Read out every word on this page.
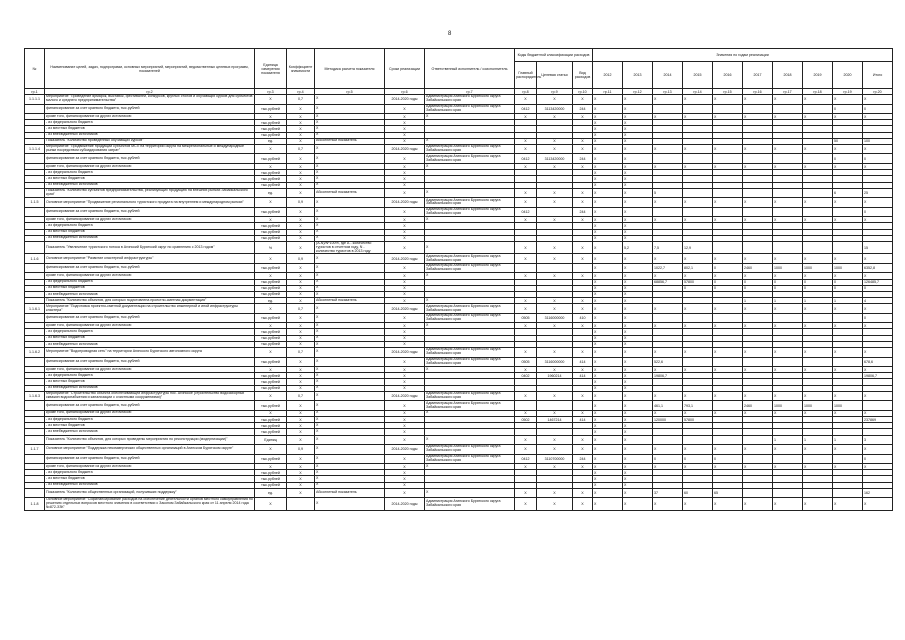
8
№	Наименование целей, задач, подпрограмм, основных мероприятий, мероприятий, ведомственных целевых программ, показателей	Единица измерения показателя	Коэффициент значимости	Методика расчета показателя	Сроки реализации	Ответственный исполнитель / соисполнитель	Коды бюджетной классификации расходов			Значения по годам реализации									
							Главный распорядитель	Целевая статья	Вид расходов	2012	2013	2014	2015	2016	2017	2018	2019	2020	Итого
гр.1	гр.2	гр.3	гр.4	гр.5	гр.6	гр.7	гр.8	гр.9	гр.10	гр.11	гр.12	гр.13	гр.14	гр.15	гр.16	гр.17	гр.18	гр.19	гр.20
1.1.1.1	Мероприятие "Проведение ярмарок, выставок, фестивалей, конкурсов, круглых столов и обучающих курсов для субъектов малого и среднего предпринимательства"	X	0,7	X	2014-2020 годы	Администрация Агинского Бурятского округа Забайкальского края	X	X	X	X	X	X	X	X	X	X	X	X	X
	финансирование за счет краевого бюджета, тыс.рублей	тыс.рублей	X	X	X	Администрация Агинского Бурятского округа Забайкальского края	0412	3113420000	244	X	X							0	0
	кроме того, финансирование из других источников:	X	X	X	X	X	X	X	X	X	X	X	X	X	X	X	X	X	X
	- из федерального бюджета	тыс.рублей	X	X	X					X	X								
	- из местных бюджетов	тыс.рублей	X	X	X					X	X								
	- из внебюджетных источников	тыс.рублей	X	X	X					X	X								
	Показатель "Количество проведенных обучающих курсов"	ед.	X	Абсолютный показатель	X	X	X	X	X	X	X							50	100
1.1.1.4	Мероприятие "Продвижение продукции субъектов МСП на территории округа на межрегиональные и международные рынки посредством субсидирования затрат"	X	0,7	X	2014-2020 годы	Администрация Агинского Бурятского округа Забайкальского края	X	X	X	X	X	X	X	X	X	X	X	X	X
	финансирование за счет краевого бюджета, тыс.рублей	тыс.рублей	X	X	X	Администрация Агинского Бурятского округа Забайкальского края	0412	3113420000	244	X	X							0	0
	кроме того, финансирование из других источников:	X	X	X	X	X	X	X	X	X	X	X	X	X	X	X	X	X	X
	- из федерального бюджета	тыс.рублей	X	X	X					X	X								
	- из местных бюджетов	тыс.рублей	X	X	X					X	X								
	- из внебюджетных источников	тыс.рублей	X	X	X					X	X								
	Показатель "Количество субъектов предпринимательства, реализующих продукцию на внешних рынках Забайкальского края"	ед.	X	Абсолютный показатель	X	X	X	X	X	X	X	5						6	25
1.1.5	Основное мероприятие "Продвижение регионального туристского продукта на внутреннем и международном рынках"	X	0,9	X	2014-2020 годы	Администрация Агинского Бурятского округа Забайкальского края	X	X	X	X	X	X	X	X	X	X	X	X	X
	финансирование за счет краевого бюджета, тыс.рублей	тыс.рублей	X	X	X	Администрация Агинского Бурятского округа Забайкальского края	0412		244	X	X								0
	кроме того, финансирование из других источников:	X	X	X	X	X	X	X	X	X	X	X	X	X	X	X	X	X	X
	- из федерального бюджета	тыс.рублей	X	X	X					X	X								
	- из местных бюджетов	тыс.рублей	X	X	X					X	X								
	- из внебюджетных источников	тыс.рублей	X	X	X					X	X								
	Показатель "Увеличение туристского потока в Агинский Бурятский округ по сравнению с 2013 годом"	%	X	(А-N)/N*100%, где А - количество туристов в отчетном году, N - количество туристов в 2013 году	X	X	X	X	X	X	5,2	7,5	12,9						15
1.1.6	Основное мероприятие "Развитие кластерной инфраструктуры"	X	0,9	X	2014-2020 годы	Администрация Агинского Бурятского округа Забайкальского края	X	X	X	X	X	X	X	X	X	X	X	X	X
	финансирование за счет краевого бюджета, тыс.рублей	тыс.рублей	X	X	X	Администрация Агинского Бурятского округа Забайкальского края				X	X	1022,7	802,1	0	2460	1000	1000	1000	6352,8
	кроме того, финансирование из других источников:	X	X	X	X	X	X	X	X	X	X	X	X	X	X	X	X	X	X
	- из федерального бюджета	тыс.рублей	X	X	X					X	X	68856,7	57800	0	0	0	0	0	126485,7
	- из местных бюджетов	тыс.рублей	X	X	X					X	X		0	0	0	0	0	0	0
	- из внебюджетных источников	тыс.рублей	X	X	X					X	X								
	Показатель "Количество объектов, для которых подготовлена проектно-сметная документация"	ед.	X	Абсолютный показатель	X	X	X	X	X	X	X				1	1	1	1	4
1.1.6.1	Мероприятие "Подготовка проектно-сметной документации на строительство инженерной и иной инфраструктуры кластера"	X	0,7	X	2014-2020 годы	Администрация Агинского Бурятского округа Забайкальского края	X	X	X	X	X	X	X	X	X	X	X	X	X
	финансирование за счет краевого бюджета, тыс.рублей	тыс.рублей	X	X	X	Администрация Агинского Бурятского округа Забайкальского края	0505	3116000000	410	X	X								0
	кроме того, финансирование из других источников:	X	X	X	X	X	X	X	X	X	X	X	X	X	X	X	X	X	X
	- из федерального бюджета	тыс.рублей	X	X	X					X	X								
	- из местных бюджетов	тыс.рублей	X	X	X					X	X								
	- из внебюджетных источников	тыс.рублей	X	X	X					X	X								
1.1.6.2	Мероприятие "Водопроводная сеть" на территории Агинского Бурятского автономного округа	X	0,7	X	2014-2020 годы	Администрация Агинского Бурятского округа Забайкальского края	X	X	X	X	X	X	X	X	X	X	X	X	X
	финансирование за счет краевого бюджета, тыс.рублей	тыс.рублей	X	X	X	Администрация Агинского Бурятского округа Забайкальского края	0505	3116000000	414	X	X	522,6							678,6
	кроме того, финансирование из других источников:	X	X	X	X	X	X	X	X	X	X	X	X	X	X	X	X	X	X
	- из федерального бюджета	тыс.рублей	X	X	X		0402	1960214	414	X	X	19806,7							19806,7
	- из местных бюджетов	тыс.рублей	X	X	X					X	X								
	- из внебюджетных источников	тыс.рублей	X	X	X					X	X								
1.1.6.3	Мероприятие "Строительство объекта обеспечивающей инфраструктуры пос. Агинское (строительство водозаборных скважин водоснабжения и канализации с очистными сооружениями)"	X	0,7	X	2014-2020 годы	Администрация Агинского Бурятского округа Забайкальского края	X	X	X	X	X	X	X	X	X	X	X	X	X
	финансирование за счет краевого бюджета, тыс.рублей	тыс.рублей	X	X	X	Администрация Агинского Бурятского округа Забайкальского края				X	X	461,1	793,1		2460	1000	1000	1000	
	кроме того, финансирование из других источников:	X	X	X	X	X	X	X	X	X	X	X	X	X	X	X	X	X	X
	- из федерального бюджета	тыс.рублей	X	X	X		0502	1467214	414	X	X	120000	57800						237869
	- из местных бюджетов	тыс.рублей	X	X	X					X	X								
	- из внебюджетных источников	тыс.рублей	X	X	X					X	X								
	Показатель "Количество объектов, для которых проведены мероприятия по реконструкции (модернизации)"	Единиц	X	X	X	X	X	X	X	X	X					1	1	1	3
1.1.7	Основное мероприятие "Поддержка некоммерческих общественных организаций в Агинском Бурятском округе"	X	0,9	X	2014-2020 годы	Администрация Агинского Бурятского округа Забайкальского края	X	X	X	X	X	X	X	X	X	X	X	X	X
	финансирование за счет краевого бюджета, тыс.рублей	тыс.рублей	X	X	X	Администрация Агинского Бурятского округа Забайкальского края	0412	3110700000	244	X	X	0	0	0					0
	кроме того, финансирование из других источников:	X	X	X	X	X	X	X	X	X	X	X	X	X	X	X	X	X	X
	- из федерального бюджета	тыс.рублей	X	X	X					X	X								
	- из местных бюджетов	тыс.рублей	X	X	X					X	X								
	- из внебюджетных источников	тыс.рублей	X	X	X					X	X								
	Показатель "Количество общественных организаций, получивших поддержку"	ед.	X	Абсолютный показатель	X	X	X	X	X	X	X	37	60	65					162
1.1.8	Основное мероприятие "Софинансирование расходов на обеспечение деятельности органов местного самоуправления по решению отдельных вопросов местного значения в соответствии с Законом Забайкальского края от 11 апреля 2014 года №872-ЗЗК"	X		X	2014-2020 годы	Администрация Агинского Бурятского округа Забайкальского края	X	X	X	X	X	X	X	X	X	X	X	X	X
